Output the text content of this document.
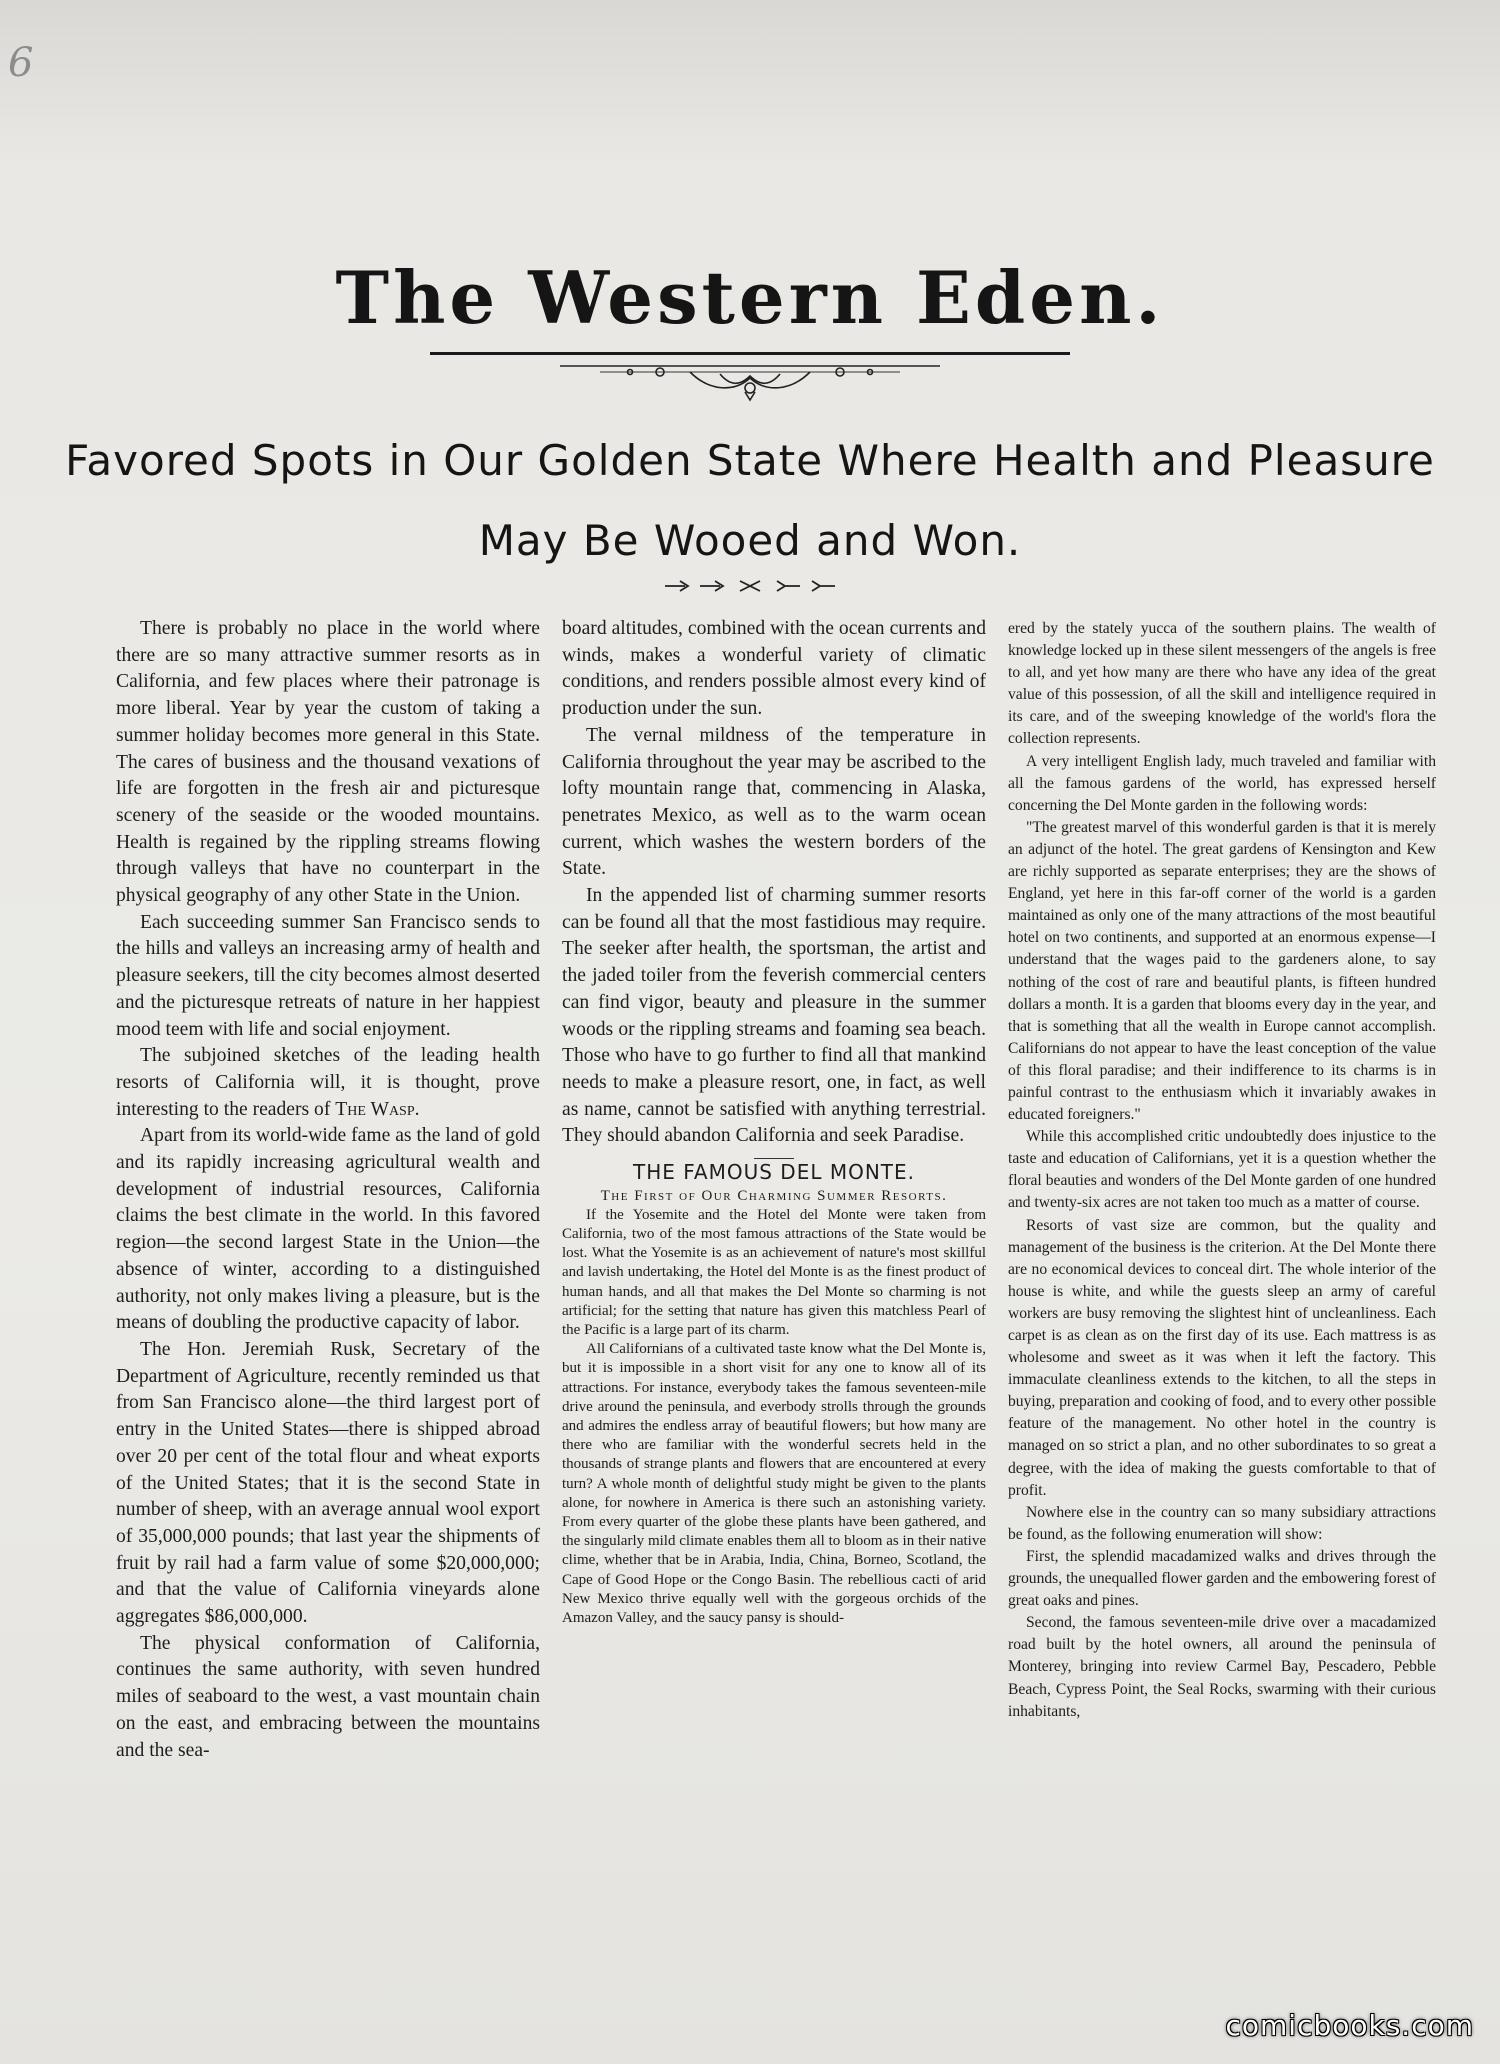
6
The Western Eden.
Favored Spots in Our Golden State Where Health and Pleasure
May Be Wooed and Won.

There is probably no place in the world where there are so many attractive summer resorts as in California, and few places where their patronage is more liberal. Year by year the custom of taking a summer holiday becomes more general in this State. The cares of business and the thousand vexations of life are forgotten in the fresh air and picturesque scenery of the seaside or the wooded mountains. Health is regained by the rippling streams flowing through valleys that have no counterpart in the physical geography of any other State in the Union.

Each succeeding summer San Francisco sends to the hills and valleys an increasing army of health and pleasure seekers, till the city becomes almost deserted and the picturesque retreats of nature in her happiest mood teem with life and social enjoyment.

The subjoined sketches of the leading health resorts of California will, it is thought, prove interesting to the readers of The Wasp.

Apart from its world-wide fame as the land of gold and its rapidly increasing agricultural wealth and development of industrial resources, California claims the best climate in the world. In this favored region—the second largest State in the Union—the absence of winter, according to a distinguished authority, not only makes living a pleasure, but is the means of doubling the productive capacity of labor.

The Hon. Jeremiah Rusk, Secretary of the Department of Agriculture, recently reminded us that from San Francisco alone—the third largest port of entry in the United States—there is shipped abroad over 20 per cent of the total flour and wheat exports of the United States; that it is the second State in number of sheep, with an average annual wool export of 35,000,000 pounds; that last year the shipments of fruit by rail had a farm value of some $20,000,000; and that the value of California vineyards alone aggregates $86,000,000.

The physical conformation of California, continues the same authority, with seven hundred miles of seaboard to the west, a vast mountain chain on the east, and embracing between the mountains and the sea-

board altitudes, combined with the ocean currents and winds, makes a wonderful variety of climatic conditions, and renders possible almost every kind of production under the sun.

The vernal mildness of the temperature in California throughout the year may be ascribed to the lofty mountain range that, commencing in Alaska, penetrates Mexico, as well as to the warm ocean current, which washes the western borders of the State.

In the appended list of charming summer resorts can be found all that the most fastidious may require. The seeker after health, the sportsman, the artist and the jaded toiler from the feverish commercial centers can find vigor, beauty and pleasure in the summer woods or the rippling streams and foaming sea beach. Those who have to go further to find all that mankind needs to make a pleasure resort, one, in fact, as well as name, cannot be satisfied with anything terrestrial. They should abandon California and seek Paradise.

THE FAMOUS DEL MONTE.

The First of Our Charming Summer Resorts.

If the Yosemite and the Hotel del Monte were taken from California, two of the most famous attractions of the State would be lost. What the Yosemite is as an achievement of nature's most skillful and lavish undertaking, the Hotel del Monte is as the finest product of human hands, and all that makes the Del Monte so charming is not artificial; for the setting that nature has given this matchless Pearl of the Pacific is a large part of its charm.

All Californians of a cultivated taste know what the Del Monte is, but it is impossible in a short visit for any one to know all of its attractions. For instance, everybody takes the famous seventeen-mile drive around the peninsula, and everbody strolls through the grounds and admires the endless array of beautiful flowers; but how many are there who are familiar with the wonderful secrets held in the thousands of strange plants and flowers that are encountered at every turn? A whole month of delightful study might be given to the plants alone, for nowhere in America is there such an astonishing variety. From every quarter of the globe these plants have been gathered, and the singularly mild climate enables them all to bloom as in their native clime, whether that be in Arabia, India, China, Borneo, Scotland, the Cape of Good Hope or the Congo Basin. The rebellious cacti of arid New Mexico thrive equally well with the gorgeous orchids of the Amazon Valley, and the saucy pansy is should-

ered by the stately yucca of the southern plains. The wealth of knowledge locked up in these silent messengers of the angels is free to all, and yet how many are there who have any idea of the great value of this possession, of all the skill and intelligence required in its care, and of the sweeping knowledge of the world's flora the collection represents.

A very intelligent English lady, much traveled and familiar with all the famous gardens of the world, has expressed herself concerning the Del Monte garden in the following words:

"The greatest marvel of this wonderful garden is that it is merely an adjunct of the hotel. The great gardens of Kensington and Kew are richly supported as separate enterprises; they are the shows of England, yet here in this far-off corner of the world is a garden maintained as only one of the many attractions of the most beautiful hotel on two continents, and supported at an enormous expense—I understand that the wages paid to the gardeners alone, to say nothing of the cost of rare and beautiful plants, is fifteen hundred dollars a month. It is a garden that blooms every day in the year, and that is something that all the wealth in Europe cannot accomplish. Californians do not appear to have the least conception of the value of this floral paradise; and their indifference to its charms is in painful contrast to the enthusiasm which it invariably awakes in educated foreigners."

While this accomplished critic undoubtedly does injustice to the taste and education of Californians, yet it is a question whether the floral beauties and wonders of the Del Monte garden of one hundred and twenty-six acres are not taken too much as a matter of course.

Resorts of vast size are common, but the quality and management of the business is the criterion. At the Del Monte there are no economical devices to conceal dirt. The whole interior of the house is white, and while the guests sleep an army of careful workers are busy removing the slightest hint of uncleanliness. Each carpet is as clean as on the first day of its use. Each mattress is as wholesome and sweet as it was when it left the factory. This immaculate cleanliness extends to the kitchen, to all the steps in buying, preparation and cooking of food, and to every other possible feature of the management. No other hotel in the country is managed on so strict a plan, and no other subordinates to so great a degree, with the idea of making the guests comfortable to that of profit.

Nowhere else in the country can so many subsidiary attractions be found, as the following enumeration will show:

First, the splendid macadamized walks and drives through the grounds, the unequalled flower garden and the embowering forest of great oaks and pines.

Second, the famous seventeen-mile drive over a macadamized road built by the hotel owners, all around the peninsula of Monterey, bringing into review Carmel Bay, Pescadero, Pebble Beach, Cypress Point, the Seal Rocks, swarming with their curious inhabitants,

comicbooks.com
